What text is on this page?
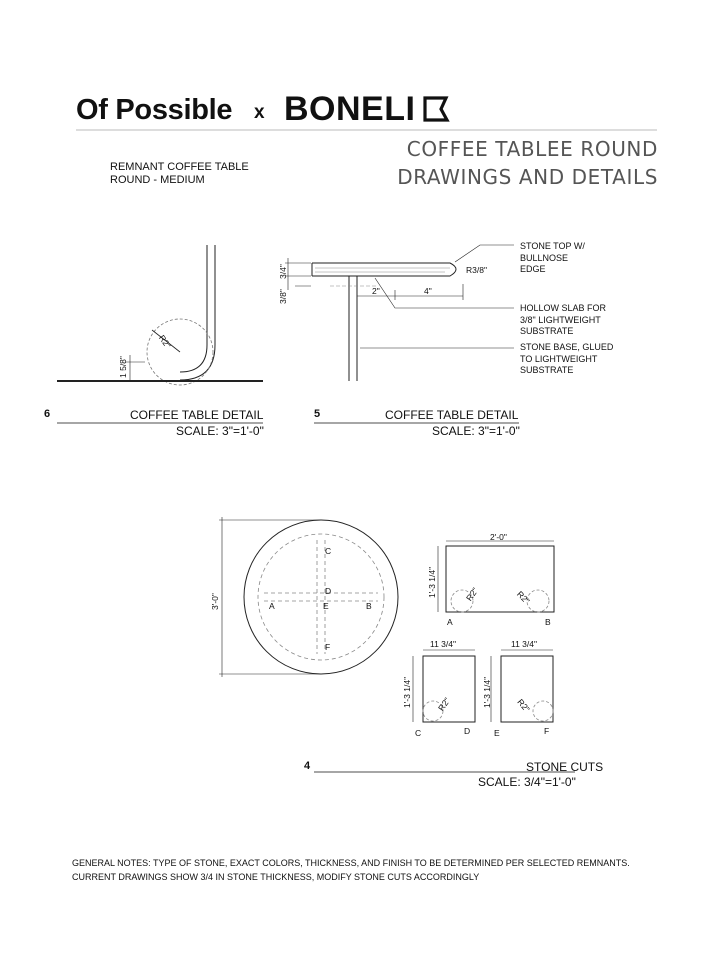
Of Possible x BONELI
COFFEE TABLEE ROUND
DRAWINGS AND DETAILS
REMNANT COFFEE TABLE
ROUND - MEDIUM
R2"
1 5/8"
6	COFFEE TABLE DETAIL
SCALE: 3"=1'-0"
3/4"
3/8"
R3/8"
2"	4"
STONE TOP W/
BULLNOSE
EDGE
HOLLOW SLAB FOR
3/8" LIGHTWEIGHT
SUBSTRATE
STONE BASE, GLUED
TO LIGHTWEIGHT
SUBSTRATE
5	COFFEE TABLE DETAIL
SCALE: 3"=1'-0"
3'-0"
C
D
A	E	B
F
2'-0"
1'-3 1/4"	R2"	R2"
A	B
11 3/4"
1'-3 1/4"	R2"
C	D
11 3/4"
1'-3 1/4"	R2"
E	F
4	STONE CUTS
SCALE: 3/4"=1'-0"
GENERAL NOTES: TYPE OF STONE, EXACT COLORS, THICKNESS, AND FINISH TO BE DETERMINED PER SELECTED REMNANTS.
CURRENT DRAWINGS SHOW 3/4 IN STONE THICKNESS, MODIFY STONE CUTS ACCORDINGLY
